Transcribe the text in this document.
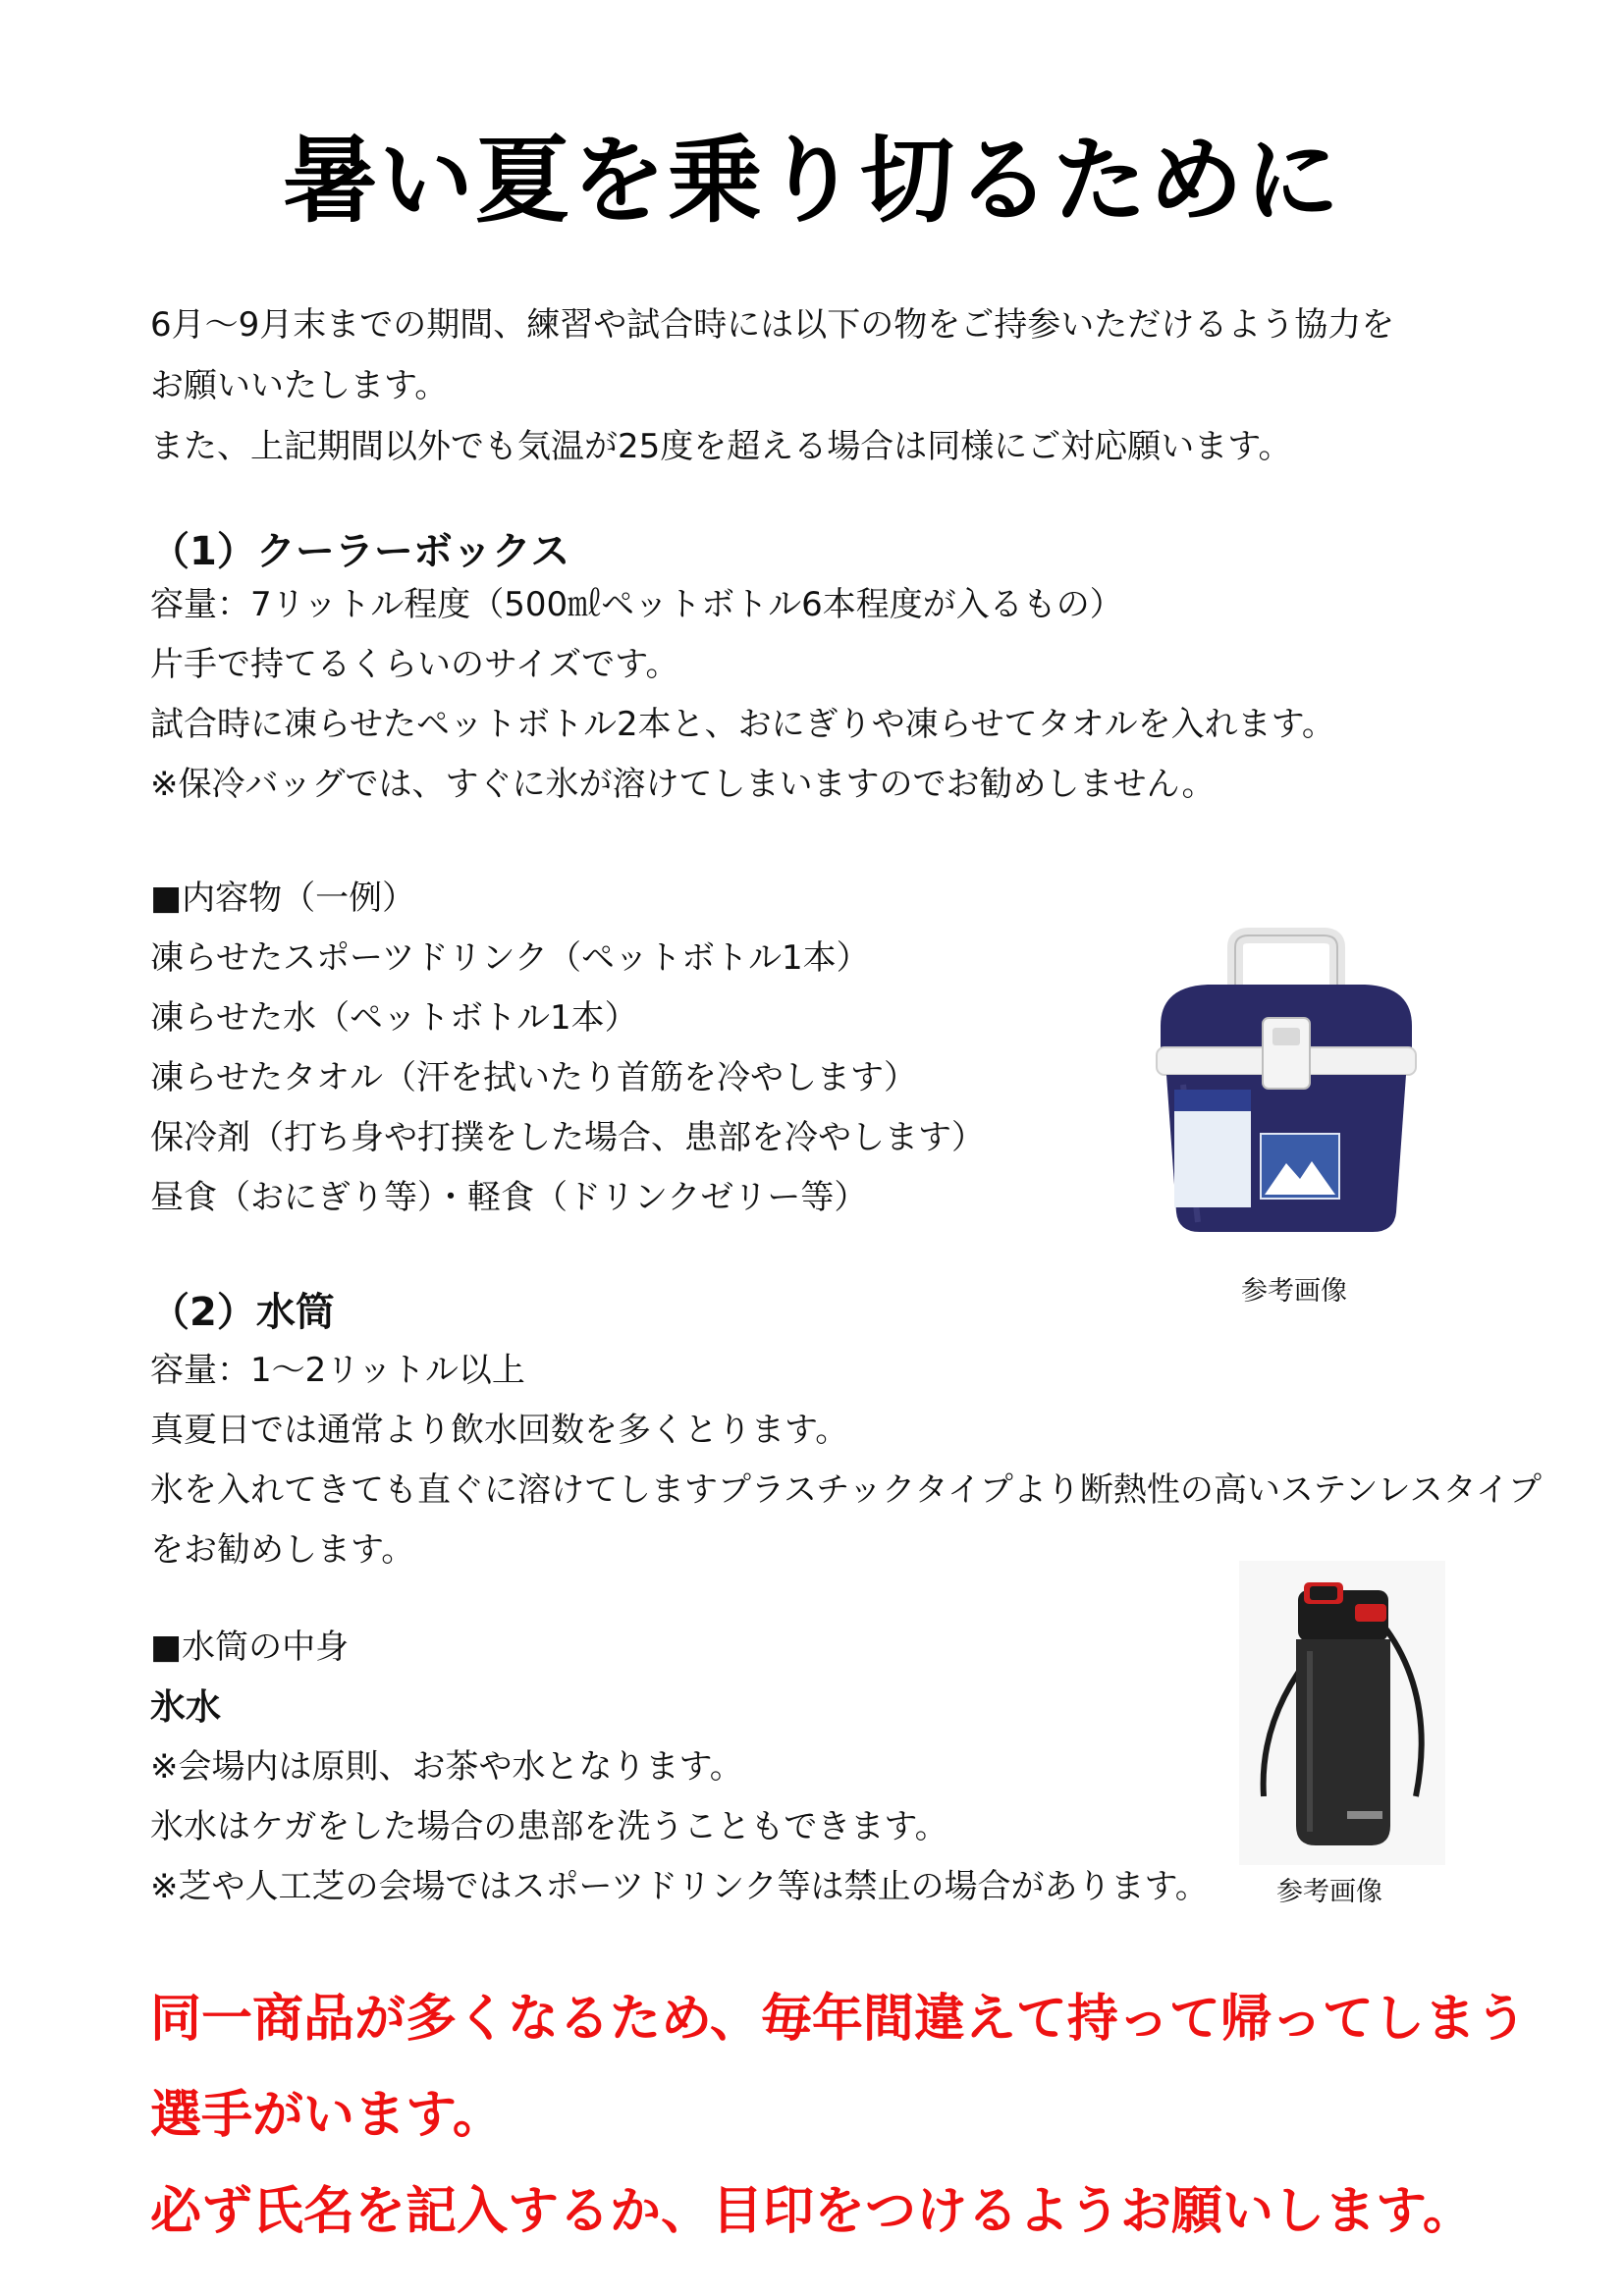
暑い夏を乗り切るために

6月～9月末までの期間、練習や試合時には以下の物をご持参いただけるよう協力を

お願いいたします。

また、上記期間以外でも気温が25度を超える場合は同様にご対応願います。

（1）クーラーボックス

容量：7リットル程度（500㎖ペットボトル6本程度が入るもの）

片手で持てるくらいのサイズです。

試合時に凍らせたペットボトル2本と、おにぎりや凍らせてタオルを入れます。

※保冷バッグでは、すぐに氷が溶けてしまいますのでお勧めしません。

■内容物（一例）

凍らせたスポーツドリンク（ペットボトル1本）

凍らせた水（ペットボトル1本）

凍らせたタオル（汗を拭いたり首筋を冷やします）

保冷剤（打ち身や打撲をした場合、患部を冷やします）

昼食（おにぎり等）・軽食（ドリンクゼリー等）

参考画像
（2）水筒

容量：1～2リットル以上

真夏日では通常より飲水回数を多くとります。

氷を入れてきても直ぐに溶けてしますプラスチックタイプより断熱性の高いステンレスタイプ

をお勧めします。

■水筒の中身

氷水

※会場内は原則、お茶や水となります。

氷水はケガをした場合の患部を洗うこともできます。

※芝や人工芝の会場ではスポーツドリンク等は禁止の場合があります。	参考画像

同一商品が多くなるため、毎年間違えて持って帰ってしまう

選手がいます。

必ず氏名を記入するか、目印をつけるようお願いします。
